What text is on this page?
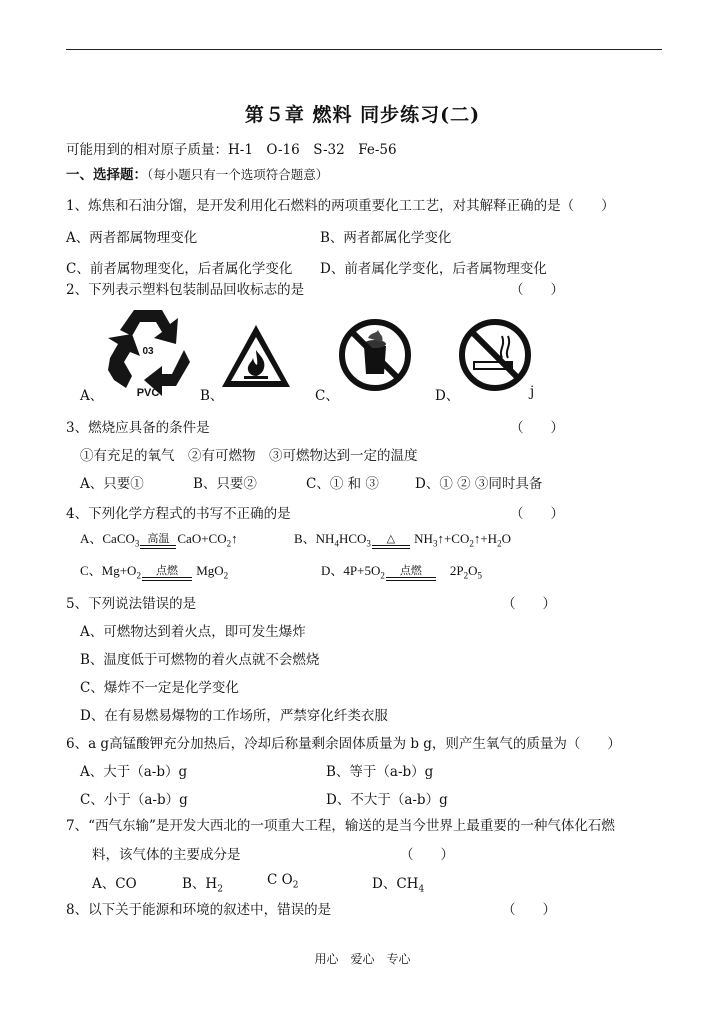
第５章 燃料 同步练习(二)
可能用到的相对原子质量：H-1　O-16　S-32　Fe-56
一、选择题：（每小题只有一个选项符合题意）
1、炼焦和石油分馏，是开发利用化石燃料的两项重要化工工艺，对其解释正确的是（　　）
A、两者都属物理变化	B、两者都属化学变化
C、前者属物理变化，后者属化学变化 D、前者属化学变化，后者属物理变化
2、下列表示塑料包装制品回收标志的是	（　　）
A、	B、	C、	D、	j
03
PVC
3、燃烧应具备的条件是	（　　）
①有充足的氧气　②有可燃物　③可燃物达到一定的温度
A、只要①	B、只要②	C、① 和 ③	D、① ② ③同时具备
4、下列化学方程式的书写不正确的是	（　　）
A、CaCO$_3$ 高温 $CaO+CO_2↑$	B、$NH_4HCO_3$	△	$NH_3↑+CO_2↑+H_2O$
C、$Mg+O_2$	点燃	MgO$_2$	D、$4P+5O_2$	点燃	　$2P_2O_5$
5、下列说法错误的是	（　　）
A、可燃物达到着火点，即可发生爆炸
B、温度低于可燃物的着火点就不会燃烧
C、爆炸不一定是化学变化
D、在有易燃易爆物的工作场所，严禁穿化纤类衣服
6、a g高锰酸钾充分加热后，冷却后称量剩余固体质量为 b g，则产生氧气的质量为（　　）
A、大于（a-b）g	B、等于（a-b）g
C、小于（a-b）g	D、不大于（a-b）g
7、“西气东输”是开发大西北的一项重大工程，输送的是当今世界上最重要的一种气体化石燃
料，该气体的主要成分是	（　　）
A、CO	B、$H_2$
C $O_2$	D、$CH_4$
8、以下关于能源和环境的叙述中，错误的是	（　　）
用心　爱心　专心
